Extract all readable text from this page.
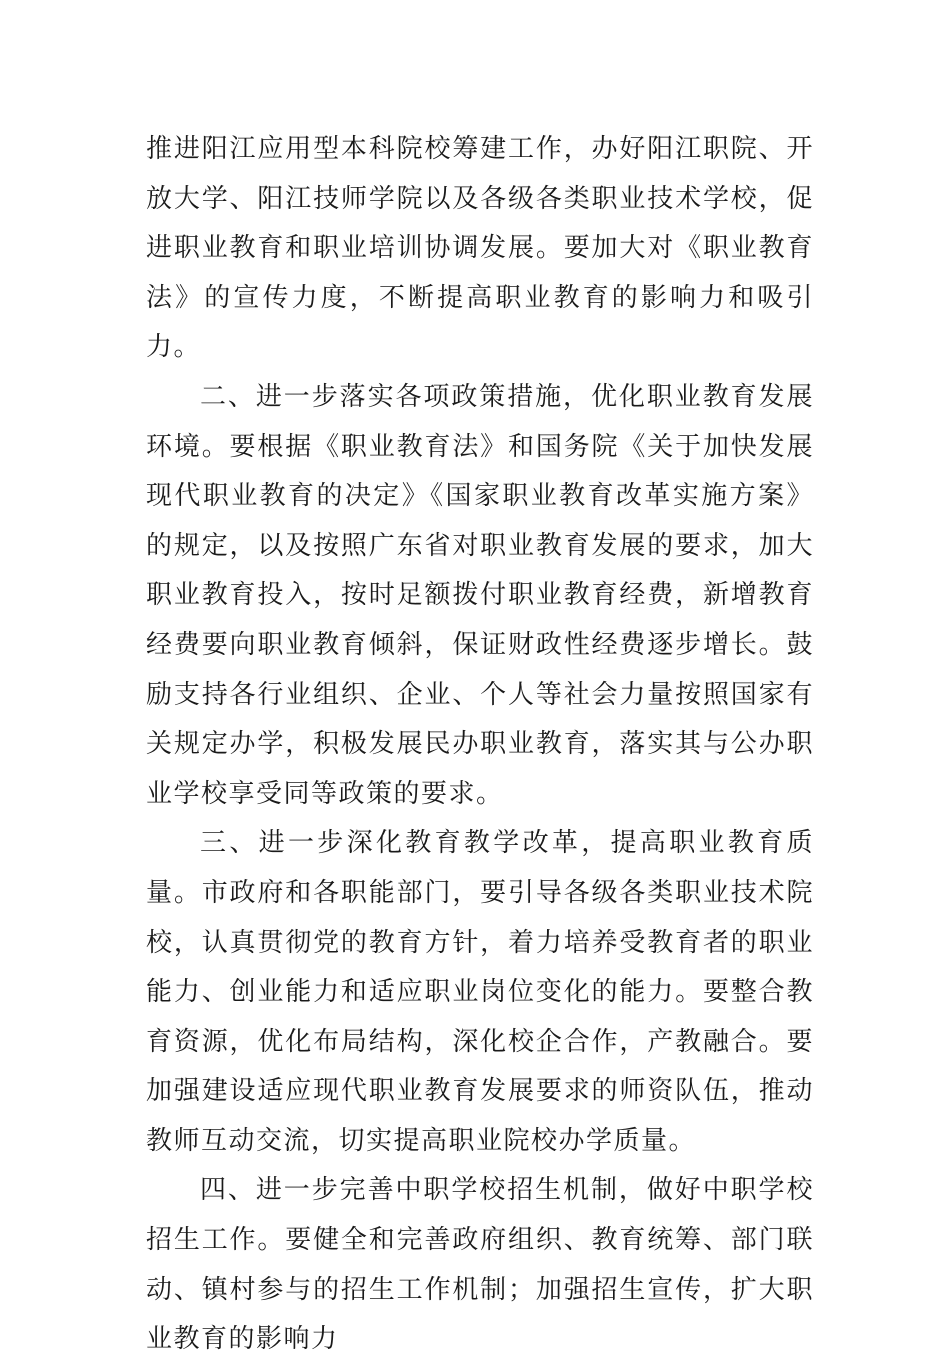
推进阳江应用型本科院校筹建工作，办好阳江职院、开放大学、阳江技师学院以及各级各类职业技术学校，促进职业教育和职业培训协调发展。要加大对《职业教育法》的宣传力度，不断提高职业教育的影响力和吸引力。

二、进一步落实各项政策措施，优化职业教育发展环境。要根据《职业教育法》和国务院《关于加快发展现代职业教育的决定》《国家职业教育改革实施方案》的规定，以及按照广东省对职业教育发展的要求，加大职业教育投入，按时足额拨付职业教育经费，新增教育经费要向职业教育倾斜，保证财政性经费逐步增长。鼓励支持各行业组织、企业、个人等社会力量按照国家有关规定办学，积极发展民办职业教育，落实其与公办职业学校享受同等政策的要求。

三、进一步深化教育教学改革，提高职业教育质量。市政府和各职能部门，要引导各级各类职业技术院校，认真贯彻党的教育方针，着力培养受教育者的职业能力、创业能力和适应职业岗位变化的能力。要整合教育资源，优化布局结构，深化校企合作，产教融合。要加强建设适应现代职业教育发展要求的师资队伍，推动教师互动交流，切实提高职业院校办学质量。

四、进一步完善中职学校招生机制，做好中职学校招生工作。要健全和完善政府组织、教育统筹、部门联动、镇村参与的招生工作机制；加强招生宣传，扩大职业教育的影响力
